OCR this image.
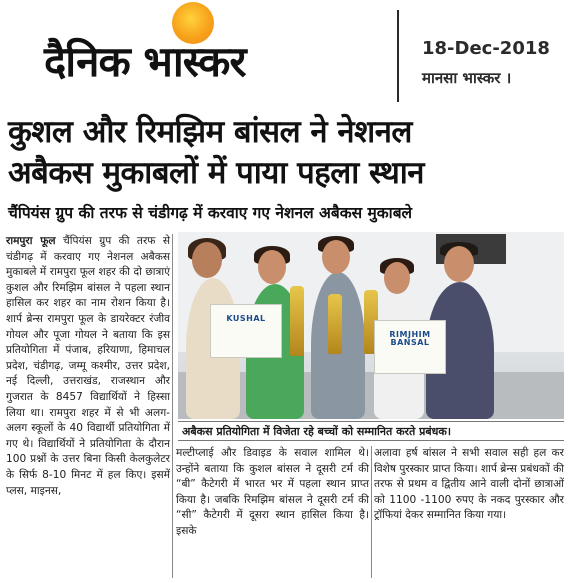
दैनिक भास्कर	18-Dec-2018
मानसा भास्कर ।
कुशल और रिमझिम बांसल ने नेशनल
अबैकस मुकाबलों में पाया पहला स्थान
चैंपियंस ग्रुप की तरफ से चंडीगढ़ में करवाए गए नेशनल अबैकस मुकाबले
रामपुरा फूल चैंपियंस ग्रुप की तरफ से चंडीगढ़ में करवाए गए नेशनल अबैकस मुकाबले में रामपुरा फूल शहर की दो छात्राएं कुशल और रिमझिम बांसल ने पहला स्थान हासिल कर शहर का नाम रोशन किया है। शार्प ब्रेन्स रामपुरा फूल के डायरेक्टर रंजीव गोयल और पूजा गोयल ने बताया कि इस प्रतियोगिता में पंजाब, हरियाणा, हिमाचल प्रदेश, चंडीगढ़, जम्मू कश्मीर, उत्तर प्रदेश, नई दिल्ली, उत्तराखंड, राजस्थान और गुजरात के 8457 विद्यार्थियों ने हिस्सा लिया था। रामपुरा शहर में से भी अलग-अलग स्कूलों के 40 विद्यार्थी प्रतियोगिता में गए थे। विद्यार्थियों ने प्रतियोगिता के दौरान 100 प्रश्नों के उत्तर बिना किसी केलकुलेटर के सिर्फ 8-10 मिनट में हल किए। इसमें प्लस, माइनस,
KUSHAL
RIMJHIM BANSAL
अबैकस प्रतियोगिता में विजेता रहे बच्चों को सम्मानित करते प्रबंधक।
मल्टीप्लाई और डिवाइड के सवाल शामिल थे। उन्होंने बताया कि कुशल बांसल ने दूसरी टर्म की “बी” कैटेगरी में भारत भर में पहला स्थान प्राप्त किया है। जबकि रिमझिम बांसल ने दूसरी टर्म की “सी” कैटेगरी में दूसरा स्थान हासिल किया है। इसके
अलावा हर्ष बांसल ने सभी सवाल सही हल कर विशेष पुरस्कार प्राप्त किया। शार्प ब्रेन्स प्रबंधकों की तरफ से प्रथम व द्वितीय आने वाली दोनों छात्राओं को 1100 -1100 रुपए के नकद पुरस्कार और ट्रॉफियां देकर सम्मानित किया गया।
